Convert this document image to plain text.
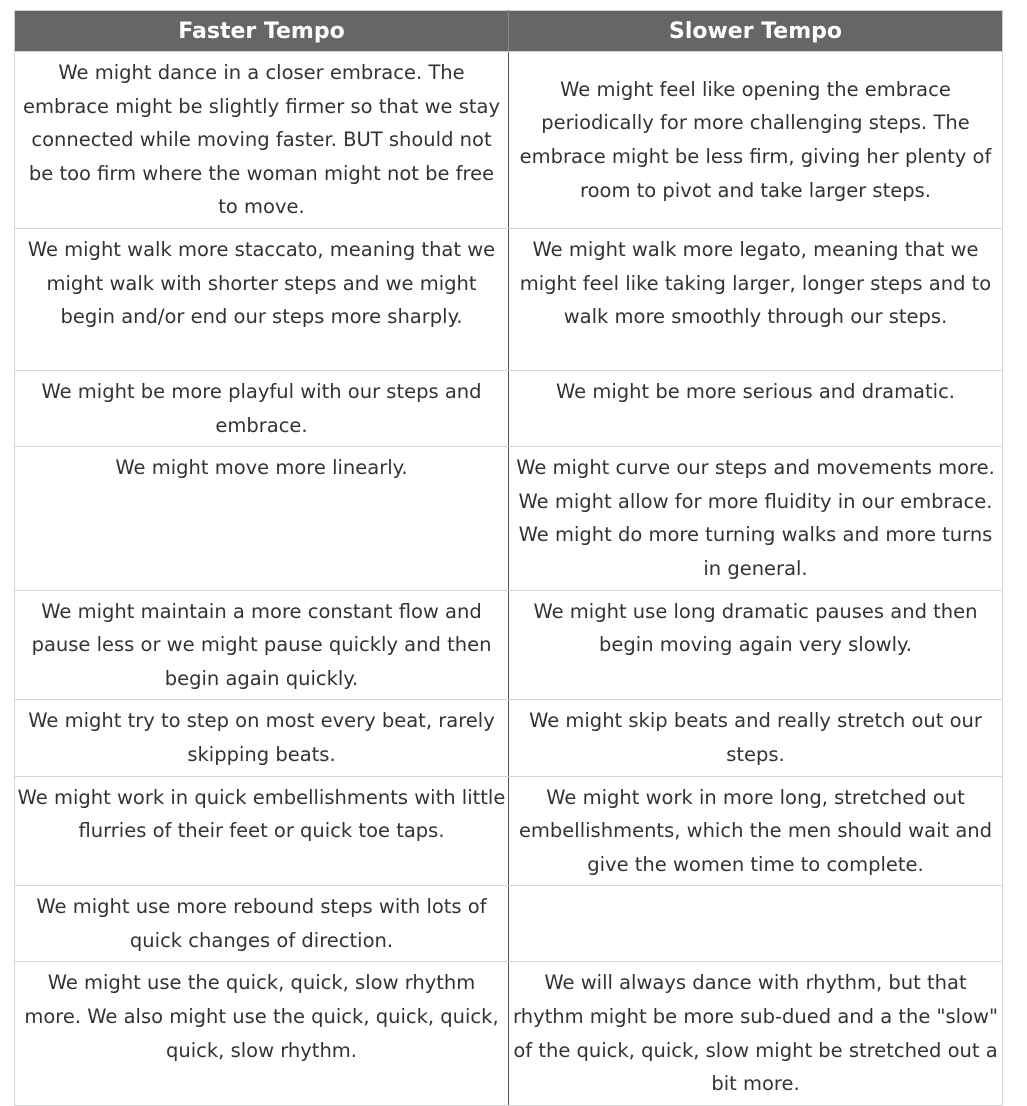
Faster Tempo	Slower Tempo
We might dance in a closer embrace. The embrace might be slightly firmer so that we stay connected while moving faster. BUT should not be too firm where the woman might not be free to move.	We might feel like opening the embrace periodically for more challenging steps. The embrace might be less firm, giving her plenty of room to pivot and take larger steps.
We might walk more staccato, meaning that we might walk with shorter steps and we might begin and/or end our steps more sharply.	We might walk more legato, meaning that we might feel like taking larger, longer steps and to walk more smoothly through our steps.
We might be more playful with our steps and embrace.	We might be more serious and dramatic.
We might move more linearly.	We might curve our steps and movements more. We might allow for more fluidity in our embrace. We might do more turning walks and more turns in general.
We might maintain a more constant flow and pause less or we might pause quickly and then begin again quickly.	We might use long dramatic pauses and then begin moving again very slowly.
We might try to step on most every beat, rarely skipping beats.	We might skip beats and really stretch out our steps.
We might work in quick embellishments with little flurries of their feet or quick toe taps.	We might work in more long, stretched out embellishments, which the men should wait and give the women time to complete.
We might use more rebound steps with lots of quick changes of direction.	
We might use the quick, quick, slow rhythm more. We also might use the quick, quick, quick, quick, slow rhythm.	We will always dance with rhythm, but that rhythm might be more sub-dued and a the "slow" of the quick, quick, slow might be stretched out a bit more.
